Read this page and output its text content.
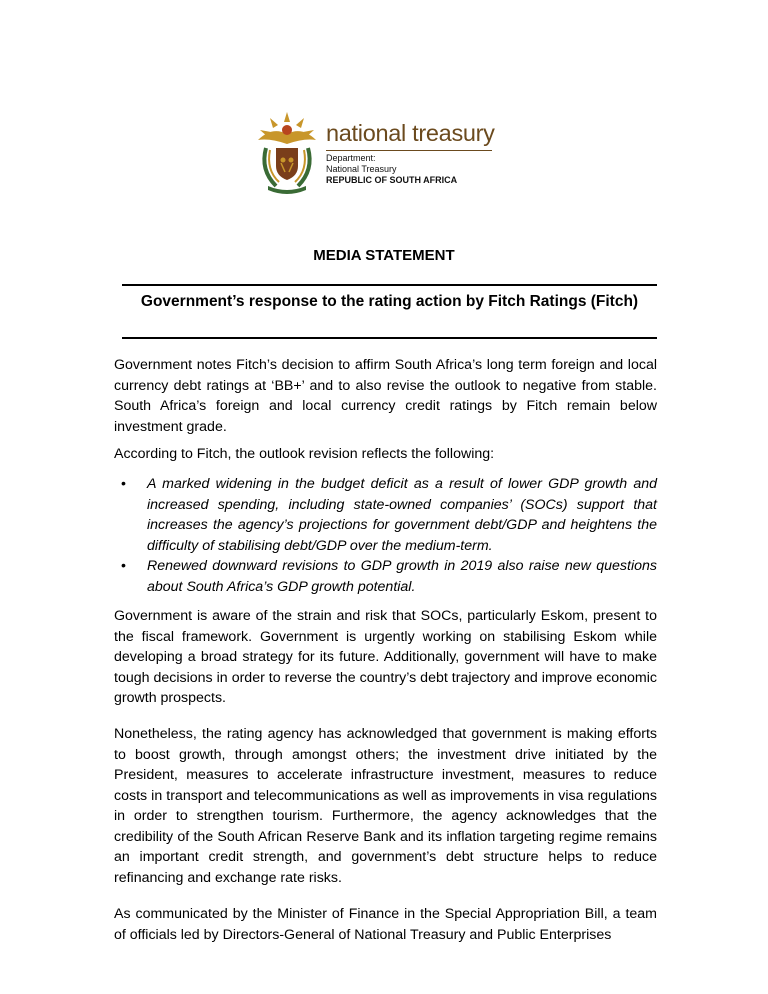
national treasury
Department:
National Treasury
REPUBLIC OF SOUTH AFRICA
MEDIA STATEMENT
Government’s response to the rating action by Fitch Ratings (Fitch)
Government notes Fitch’s decision to affirm South Africa’s long term foreign and local currency debt ratings at ‘BB+’ and to also revise the outlook to negative from stable. South Africa’s foreign and local currency credit ratings by Fitch remain below investment grade.
According to Fitch, the outlook revision reflects the following:
• A marked widening in the budget deficit as a result of lower GDP growth and increased spending, including state-owned companies’ (SOCs) support that increases the agency’s projections for government debt/GDP and heightens the difficulty of stabilising debt/GDP over the medium-term.
• Renewed downward revisions to GDP growth in 2019 also raise new questions about South Africa’s GDP growth potential.
Government is aware of the strain and risk that SOCs, particularly Eskom, present to the fiscal framework. Government is urgently working on stabilising Eskom while developing a broad strategy for its future. Additionally, government will have to make tough decisions in order to reverse the country’s debt trajectory and improve economic growth prospects.
Nonetheless, the rating agency has acknowledged that government is making efforts to boost growth, through amongst others; the investment drive initiated by the President, measures to accelerate infrastructure investment, measures to reduce costs in transport and telecommunications as well as improvements in visa regulations in order to strengthen tourism. Furthermore, the agency acknowledges that the credibility of the South African Reserve Bank and its inflation targeting regime remains an important credit strength, and government’s debt structure helps to reduce refinancing and exchange rate risks.
As communicated by the Minister of Finance in the Special Appropriation Bill, a team of officials led by Directors-General of National Treasury and Public Enterprises
